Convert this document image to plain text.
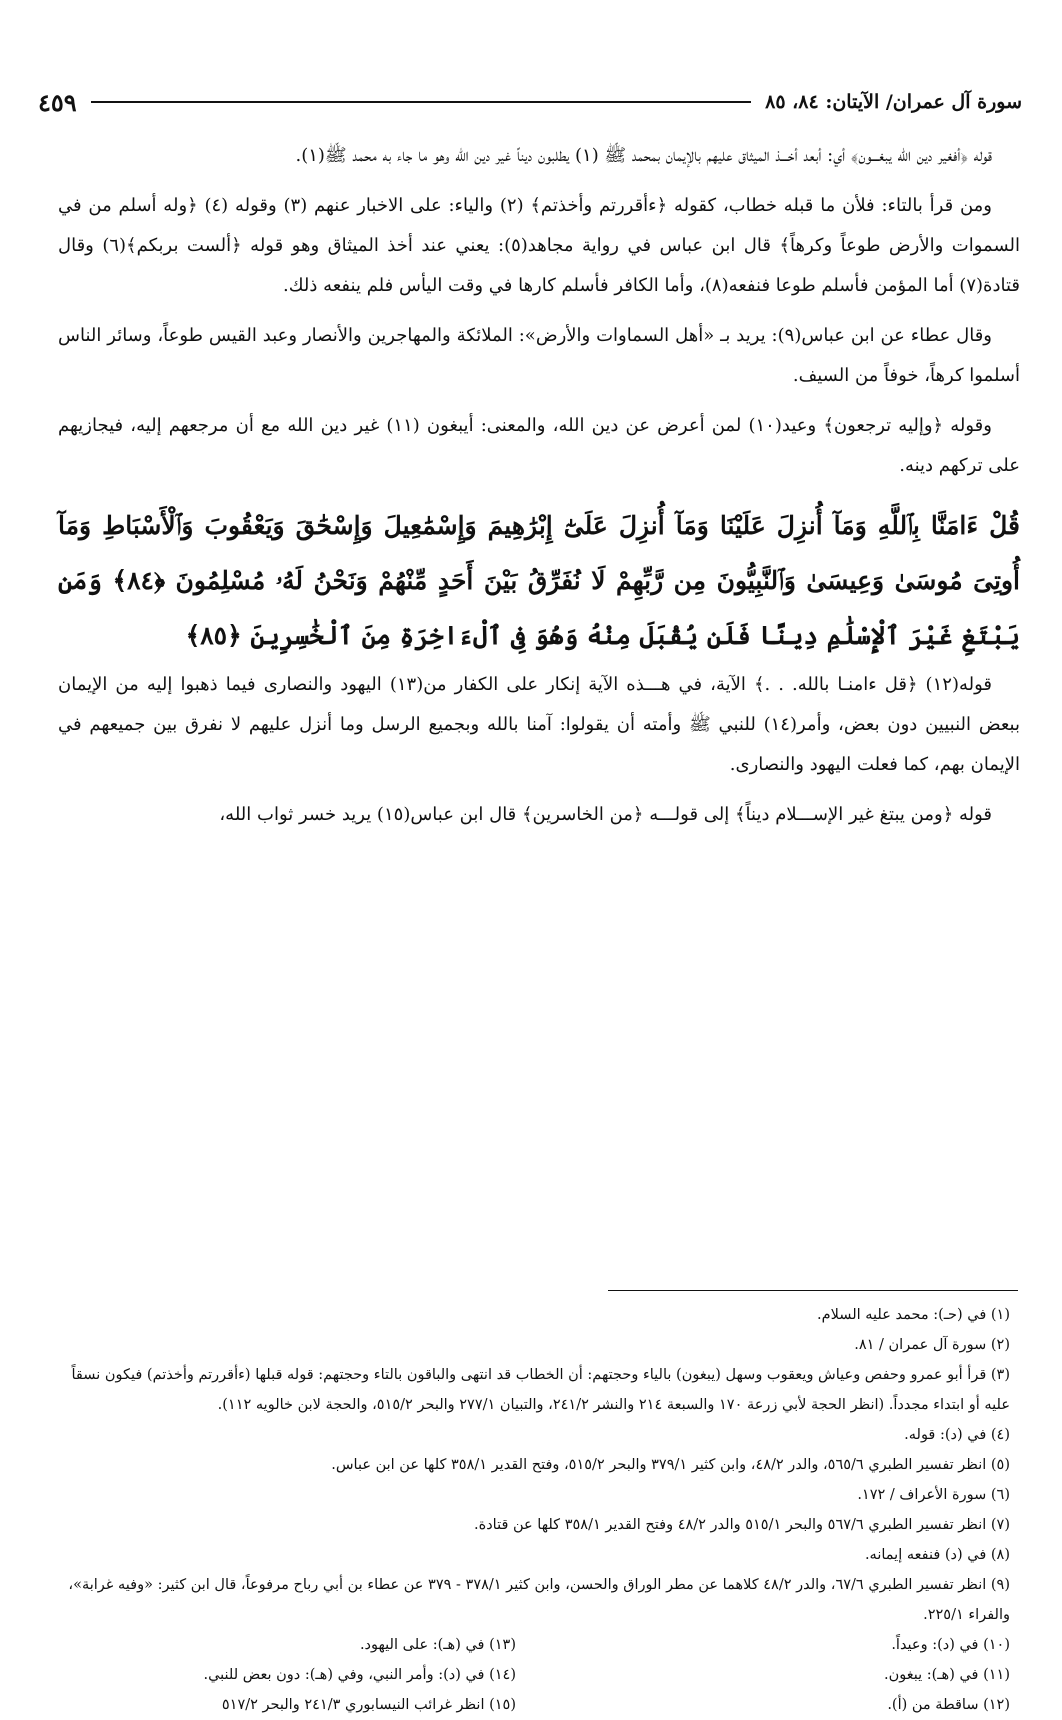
سورة آل عمران/ الآيتان: ٨٤، ٨٥
٤٥٩

قوله ﴿أفغير دين الله يبغـــون﴾ أي: أبعد أخـــذ الميثاق عليهم بالإيمان بمحمد ﷺ (١) يطلبون ديناً غير دين الله وهو ما جاء به محمد ﷺ(١).

ومن قرأ بالتاء: فلأن ما قبله خطاب، كقوله ﴿ءأقررتم وأخذتم﴾ (٢) والياء: على الاخبار عنهم (٣) وقوله (٤) ﴿وله أسلم من في السموات والأرض طوعاً وكرهاً﴾ قال ابن عباس في رواية مجاهد(٥): يعني عند أخذ الميثاق وهو قوله ﴿ألست بربكم﴾(٦) وقال قتادة(٧) أما المؤمن فأسلم طوعا فنفعه(٨)، وأما الكافر فأسلم كارها في وقت اليأس فلم ينفعه ذلك.

وقال عطاء عن ابن عباس(٩): يريد بـ «أهل السماوات والأرض»: الملائكة والمهاجرين والأنصار وعبد القيس طوعاً، وسائر الناس أسلموا كرهاً، خوفاً من السيف.

وقوله ﴿وإليه ترجعون﴾ وعيد(١٠) لمن أعرض عن دين الله، والمعنى: أيبغون (١١) غير دين الله مع أن مرجعهم إليه، فيجازيهم على تركهم دينه.

قُلْ ءَامَنَّا بِٱللَّهِ وَمَآ أُنزِلَ عَلَيْنَا وَمَآ أُنزِلَ عَلَىٰٓ إِبْرَٰهِيمَ وَإِسْمَٰعِيلَ وَإِسْحَٰقَ وَيَعْقُوبَ وَٱلْأَسْبَاطِ وَمَآ أُوتِىَ مُوسَىٰ وَعِيسَىٰ وَٱلنَّبِيُّونَ مِن رَّبِّهِمْ لَا نُفَرِّقُ بَيْنَ أَحَدٍ مِّنْهُمْ وَنَحْنُ لَهُۥ مُسْلِمُونَ ﴿٨٤﴾ وَمَن يَبْتَغِ غَيْرَ ٱلْإِسْلَٰمِ دِينًا فَلَن يُقْبَلَ مِنْهُ وَهُوَ فِى ٱلْءَاخِرَةِ مِنَ ٱلْخَٰسِرِينَ ﴿٨٥﴾

قوله(١٢) ﴿قل ءامنـا بالله. . .﴾ الآية، في هـــذه الآية إنكار على الكفار من(١٣) اليهود والنصارى فيما ذهبوا إليه من الإيمان ببعض النبيين دون بعض، وأمر(١٤) للنبي ﷺ وأمته أن يقولوا: آمنا بالله وبجميع الرسل وما أنزل عليهم لا نفرق بين جميعهم في الإيمان بهم، كما فعلت اليهود والنصارى.

قوله ﴿ومن يبتغ غير الإســـلام ديناً﴾ إلى قولـــه ﴿من الخاسرين﴾ قال ابن عباس(١٥) يريد خسر ثواب الله،

(١) في (حـ): محمد عليه السلام.

(٢) سورة آل عمران / ٨١.

(٣) قرأ أبو عمرو وحفص وعياش ويعقوب وسهل (يبغون) بالياء وحجتهم: أن الخطاب قد انتهى والباقون بالتاء وحجتهم: قوله قبلها (ءأقررتم وأخذتم) فيكون نسقاً عليه أو ابتداء مجدداً. (انظر الحجة لأبي زرعة ١٧٠ والسبعة ٢١٤ والنشر ٢٤١/٢، والتبيان ٢٧٧/١ والبحر ٥١٥/٢، والحجة لابن خالويه ١١٢).

(٤) في (د): قوله.

(٥) انظر تفسير الطبري ٥٦٥/٦، والدر ٤٨/٢، وابن كثير ٣٧٩/١ والبحر ٥١٥/٢، وفتح القدير ٣٥٨/١ كلها عن ابن عباس.

(٦) سورة الأعراف / ١٧٢.

(٧) انظر تفسير الطبري ٥٦٧/٦ والبحر ٥١٥/١ والدر ٤٨/٢ وفتح القدير ٣٥٨/١ كلها عن قتادة.

(٨) في (د) فنفعه إيمانه.

(٩) انظر تفسير الطبري ٦٧/٦، والدر ٤٨/٢ كلاهما عن مطر الوراق والحسن، وابن كثير ٣٧٨/١ - ٣٧٩ عن عطاء بن أبي رباح مرفوعاً، قال ابن كثير: «وفيه غرابة»، والفراء ٢٢٥/١.

(١٠) في (د): وعيداً.

(١٣) في (هـ): على اليهود.

(١١) في (هـ): يبغون.

(١٤) في (د): وأمر النبي، وفي (هـ): دون بعض للنبي.

(١٢) ساقطة من (أ).

(١٥) انظر غرائب النيسابوري ٢٤١/٣ والبحر ٥١٧/٢
